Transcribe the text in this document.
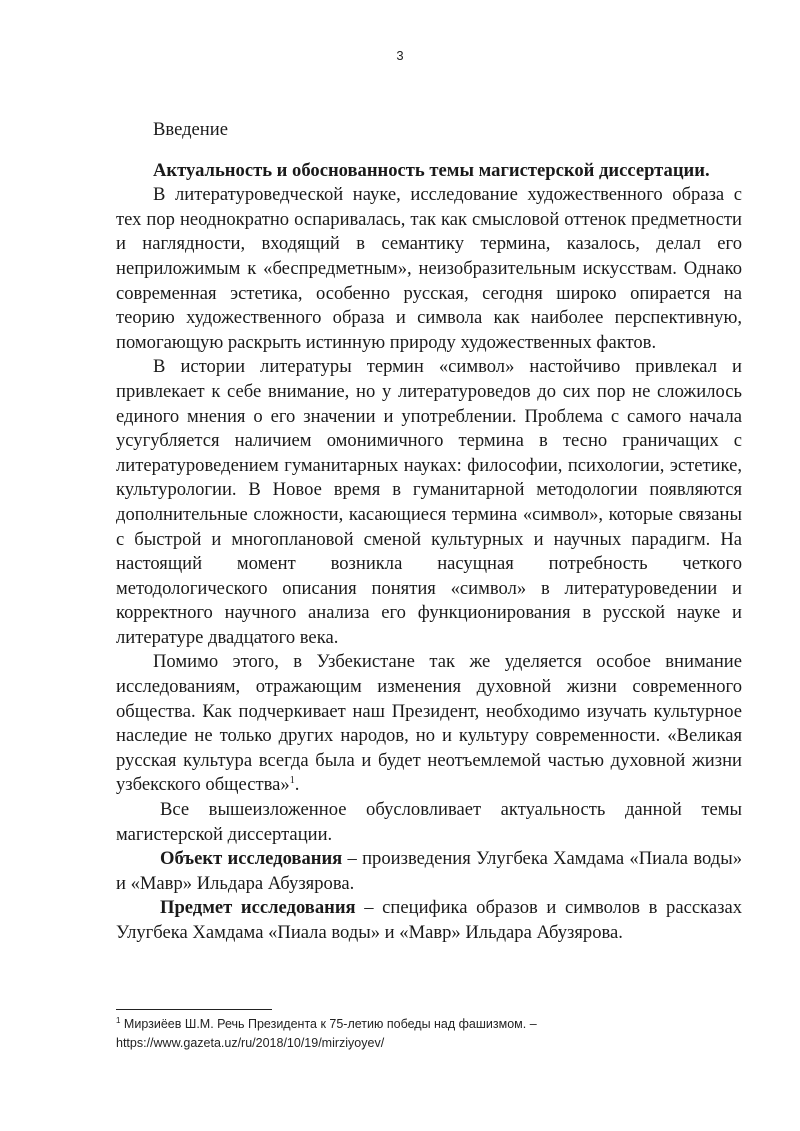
3
Введение
Актуальность и обоснованность темы магистерской диссертации.

В литературоведческой науке, исследование художественного образа с тех пор неоднократно оспаривалась, так как смысловой оттенок предметности и наглядности, входящий в семантику термина, казалось, делал его неприложимым к «беспредметным», неизобразительным искусствам. Однако современная эстетика, особенно русская, сегодня широко опирается на теорию художественного образа и символа как наиболее перспективную, помогающую раскрыть истинную природу художественных фактов.

В истории литературы термин «символ» настойчиво привлекал и привлекает к себе внимание, но у литературоведов до сих пор не сложилось единого мнения о его значении и употреблении. Проблема с самого начала усугубляется наличием омонимичного термина в тесно граничащих с литературоведением гуманитарных науках: философии, психологии, эстетике, культурологии. В Новое время в гуманитарной методологии появляются дополнительные сложности, касающиеся термина «символ», которые связаны с быстрой и многоплановой сменой культурных и научных парадигм. На настоящий момент возникла насущная потребность четкого методологического описания понятия «символ» в литературоведении и корректного научного анализа его функционирования в русской науке и литературе двадцатого века.

Помимо этого, в Узбекистане так же уделяется особое внимание исследованиям, отражающим изменения духовной жизни современного общества. Как подчеркивает наш Президент, необходимо изучать культурное наследие не только других народов, но и культуру современности. «Великая русская культура всегда была и будет неотъемлемой частью духовной жизни узбекского общества»$^1$.

Все вышеизложенное обусловливает актуальность данной темы магистерской диссертации.

Объект исследования – произведения Улугбека Хамдама «Пиала воды» и «Мавр» Ильдара Абузярова.

Предмет исследования – специфика образов и символов в рассказах Улугбека Хамдама «Пиала воды» и «Мавр» Ильдара Абузярова.

$^1$ Мирзиёев Ш.М. Речь Президента к 75-летию победы над фашизмом. –
https://www.gazeta.uz/ru/2018/10/19/mirziyoyev/
